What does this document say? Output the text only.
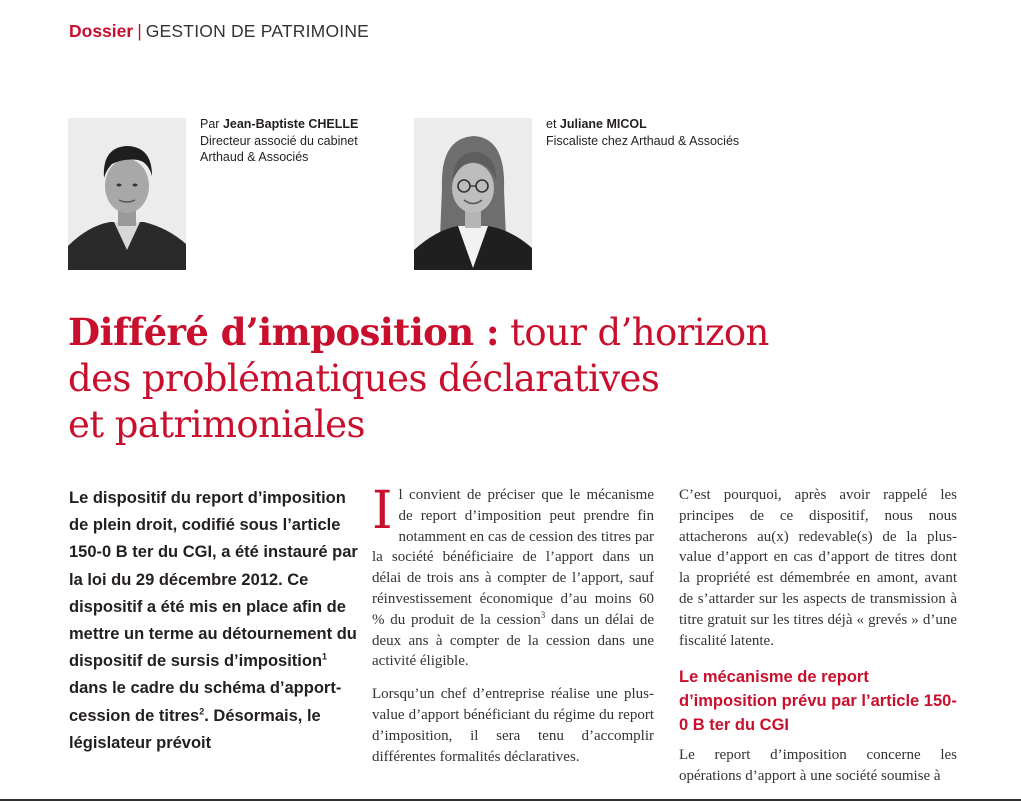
Dossier | GESTION DE PATRIMOINE
Par Jean-Baptiste CHELLE
Directeur associé du cabinet
Arthaud & Associés
et Juliane MICOL
Fiscaliste chez Arthaud & Associés
Différé d’imposition : tour d’horizon
des problématiques déclaratives
et patrimoniales

Le dispositif du report d’imposition de plein droit, codifié sous l’article 150-0 B ter du CGI, a été instauré par la loi du 29 décembre 2012. Ce dispositif a été mis en place afin de mettre un terme au détournement du dispositif de sursis d’imposition$^1$ dans le cadre du schéma d’apport-cession de titres$^2$. Désormais, le législateur prévoit

Il convient de préciser que le mécanisme de report d’imposition peut prendre fin notamment en cas de cession des titres par la société bénéficiaire de l’apport dans un délai de trois ans à compter de l’apport, sauf réinvestissement économique d’au moins 60 % du produit de la cession$^3$ dans un délai de deux ans à compter de la cession dans une activité éligible.

Lorsqu’un chef d’entreprise réalise une plus-value d’apport bénéficiant du régime du report d’imposition, il sera tenu d’accomplir différentes formalités déclaratives.

C’est pourquoi, après avoir rappelé les principes de ce dispositif, nous nous attacherons au(x) redevable(s) de la plus-value d’apport en cas d’apport de titres dont la propriété est démembrée en amont, avant de s’attarder sur les aspects de transmission à titre gratuit sur les titres déjà « grevés » d’une fiscalité latente.

Le mécanisme de report d’imposition prévu par l’article 150-0 B ter du CGI

Le report d’imposition concerne les opérations d’apport à une société soumise à
